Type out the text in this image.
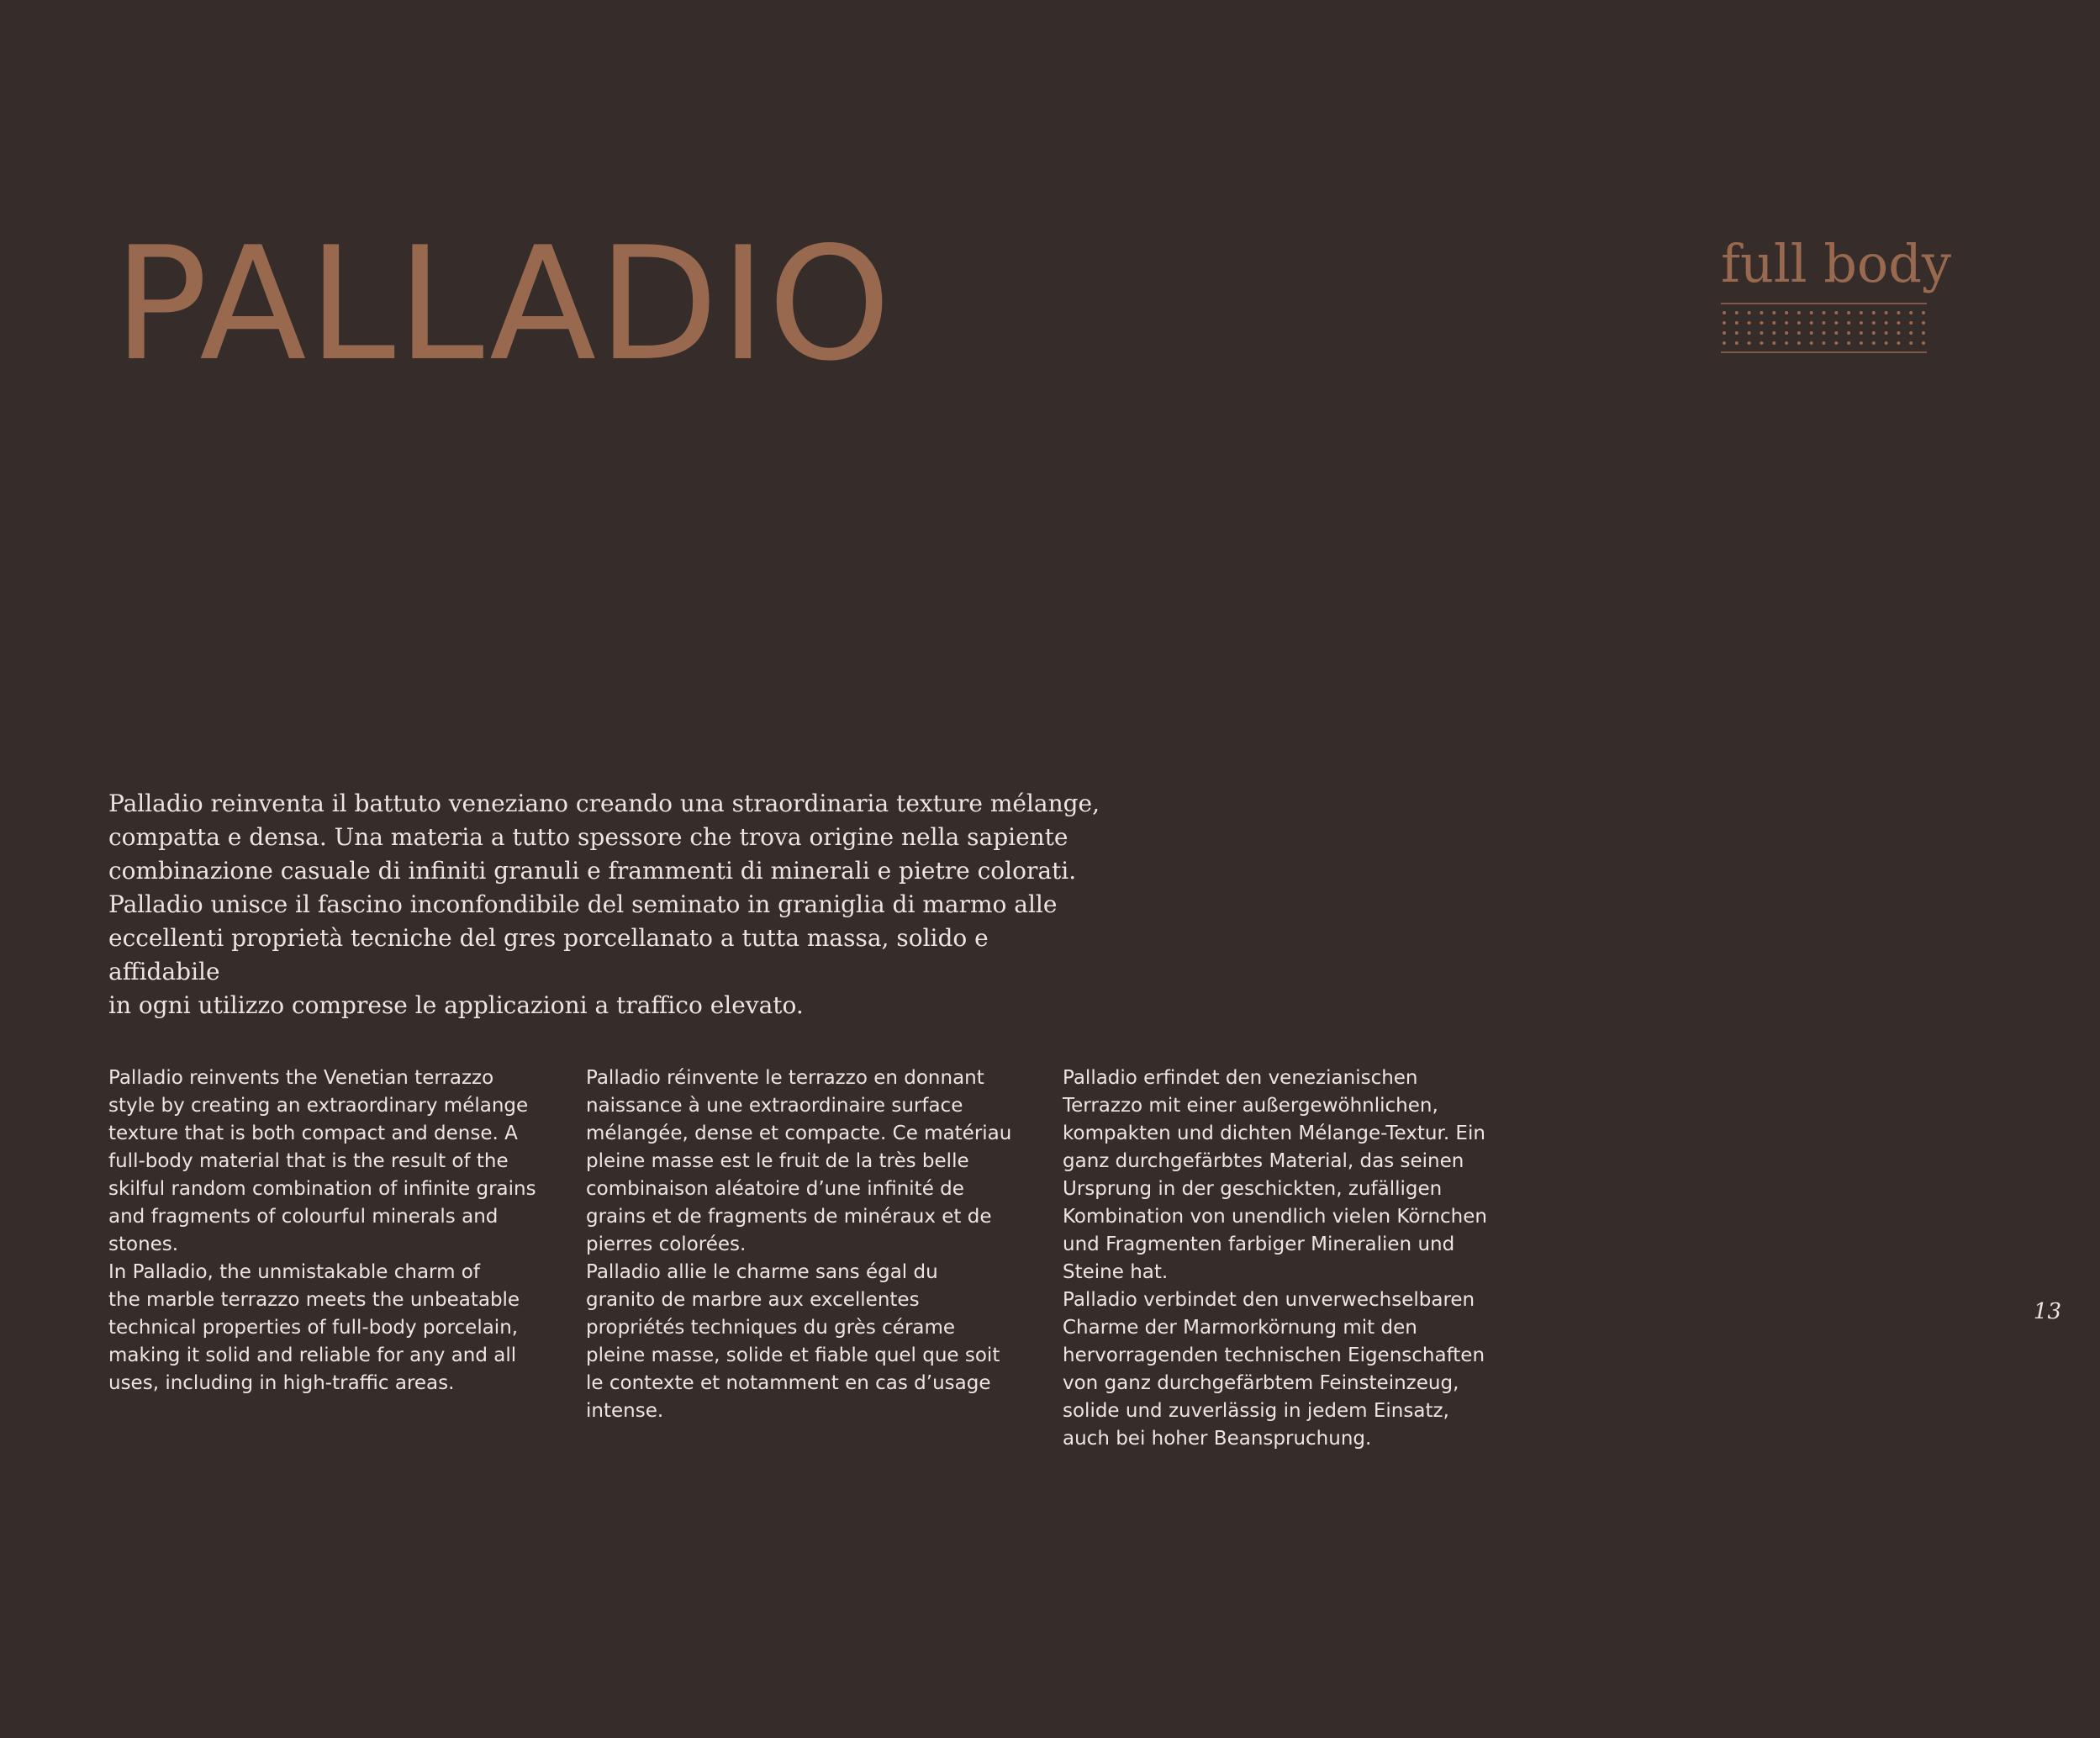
PALLADIO	full body

Palladio reinventa il battuto veneziano creando una straordinaria texture mélange,
compatta e densa. Una materia a tutto spessore che trova origine nella sapiente
combinazione casuale di infiniti granuli e frammenti di minerali e pietre colorati.
Palladio unisce il fascino inconfondibile del seminato in graniglia di marmo alle
eccellenti proprietà tecniche del gres porcellanato a tutta massa, solido e affidabile
in ogni utilizzo comprese le applicazioni a traffico elevato.

Palladio reinvents the Venetian terrazzo
style by creating an extraordinary mélange
texture that is both compact and dense. A
full-body material that is the result of the
skilful random combination of infinite grains
and fragments of colourful minerals and
stones.
In Palladio, the unmistakable charm of
the marble terrazzo meets the unbeatable
technical properties of full-body porcelain,
making it solid and reliable for any and all
uses, including in high-traffic areas.

Palladio réinvente le terrazzo en donnant
naissance à une extraordinaire surface
mélangée, dense et compacte. Ce matériau
pleine masse est le fruit de la très belle
combinaison aléatoire d’une infinité de
grains et de fragments de minéraux et de
pierres colorées.
Palladio allie le charme sans égal du
granito de marbre aux excellentes
propriétés techniques du grès cérame
pleine masse, solide et fiable quel que soit
le contexte et notamment en cas d’usage
intense.

Palladio erfindet den venezianischen
Terrazzo mit einer außergewöhnlichen,
kompakten und dichten Mélange-Textur. Ein
ganz durchgefärbtes Material, das seinen
Ursprung in der geschickten, zufälligen
Kombination von unendlich vielen Körnchen
und Fragmenten farbiger Mineralien und
Steine hat.
Palladio verbindet den unverwechselbaren
Charme der Marmorkörnung mit den
hervorragenden technischen Eigenschaften
von ganz durchgefärbtem Feinsteinzeug,
solide und zuverlässig in jedem Einsatz,
auch bei hoher Beanspruchung.

13
